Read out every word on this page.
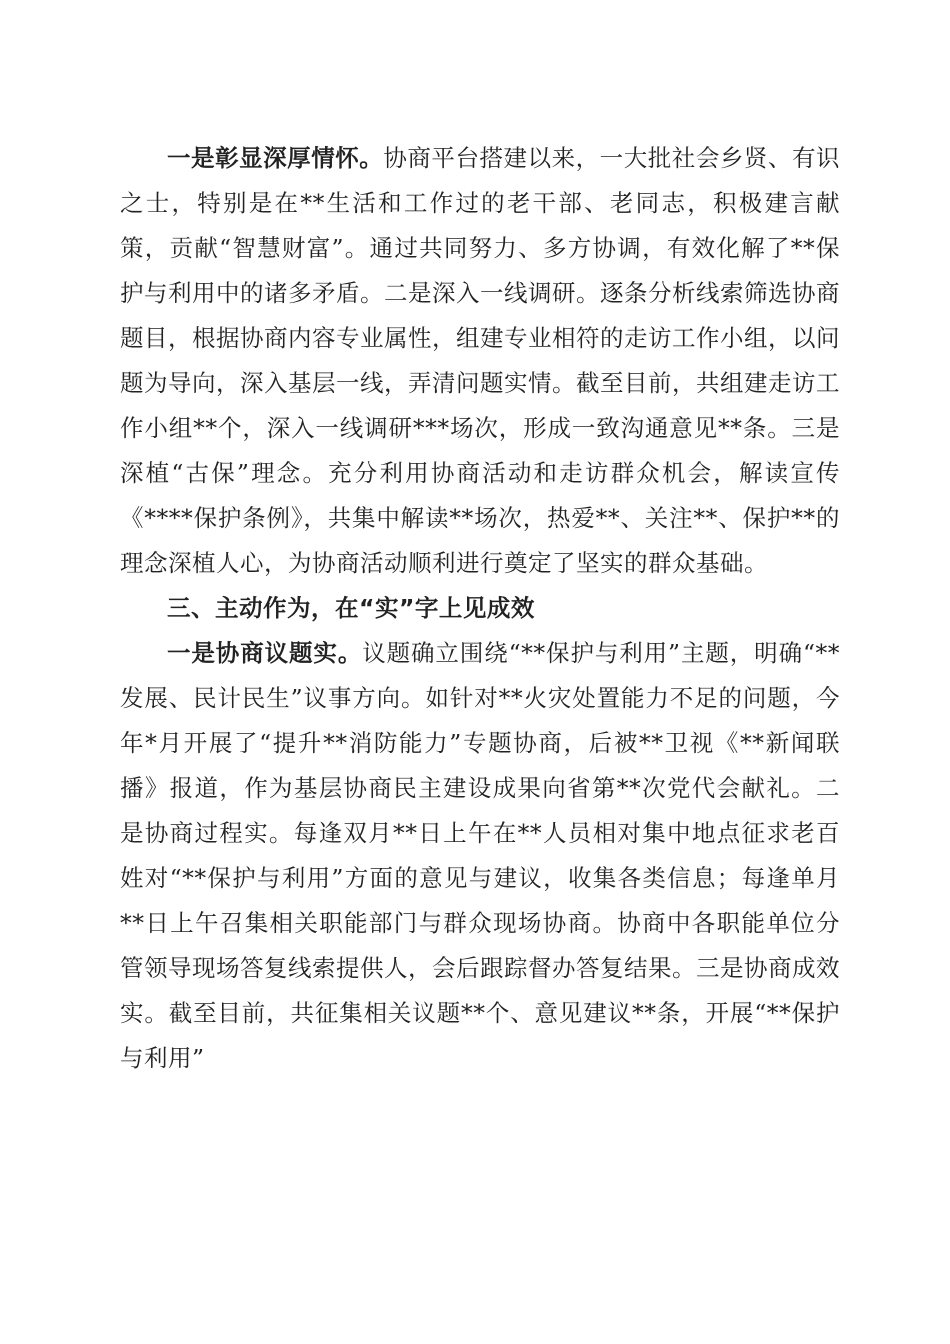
一是彰显深厚情怀。协商平台搭建以来，一大批社会乡贤、有识之士，特别是在**生活和工作过的老干部、老同志，积极建言献策，贡献“智慧财富”。通过共同努力、多方协调，有效化解了**保护与利用中的诸多矛盾。二是深入一线调研。逐条分析线索筛选协商题目，根据协商内容专业属性，组建专业相符的走访工作小组，以问题为导向，深入基层一线，弄清问题实情。截至目前，共组建走访工作小组**个，深入一线调研***场次，形成一致沟通意见**条。三是深植“古保”理念。充分利用协商活动和走访群众机会，解读宣传《****保护条例》，共集中解读**场次，热爱**、关注**、保护**的理念深植人心，为协商活动顺利进行奠定了坚实的群众基础。

三、主动作为，在“实”字上见成效

一是协商议题实。议题确立围绕“**保护与利用”主题，明确“**发展、民计民生”议事方向。如针对**火灾处置能力不足的问题，今年*月开展了“提升**消防能力”专题协商，后被**卫视《**新闻联播》报道，作为基层协商民主建设成果向省第**次党代会献礼。二是协商过程实。每逢双月**日上午在**人员相对集中地点征求老百姓对“**保护与利用”方面的意见与建议，收集各类信息；每逢单月**日上午召集相关职能部门与群众现场协商。协商中各职能单位分管领导现场答复线索提供人，会后跟踪督办答复结果。三是协商成效实。截至目前，共征集相关议题**个、意见建议**条，开展“**保护与利用”
